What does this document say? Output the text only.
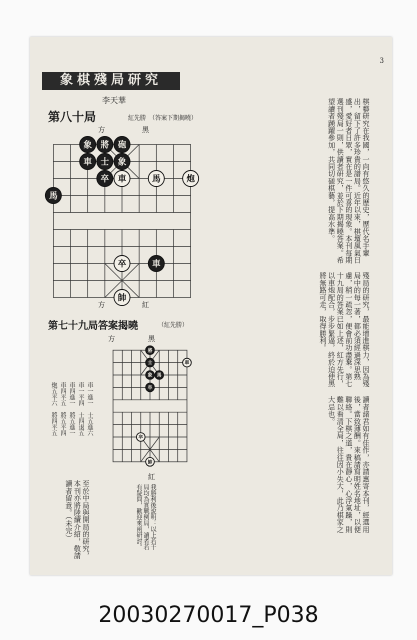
3
象棋殘局研究
李天華
第八十局	紅先勝　（答案下期揭曉）
方	黑
將 砲
象
士 象
車
車	馬	炮
卒
馬
卒	車
帥
方	紅
第七十九局答案揭曉	（紅先勝）
方	黑
將
士	車
象 馬
卒
卒
帥
紅
車一進一　士五進六
車一平四　士四退五
車四進一　將五進一
車四平五　將五平四
炮五平六　將四平五
我勝利後說明：以上若干局均為實戰例局，讀者若有疑問，歡迎來函研討。
棋藝研究在我國，一向有悠久的歷史，歷代名手輩出，留下了許多珍貴的譜局。近年以來，棋壇風氣日盛，愛好者日眾，實在是一件可喜的現象。本刊每期選刊殘局一則，供讀者研究，並於下期揭曉答案。希望讀者踴躍參加，共同切磋棋藝，提高水準。
殘局的研究，最能增進棋力，因為殘局中的每一著，都必須經過深思熟慮，稍一疏忽，便會前功盡棄。第七十九局的答案已如上述，紅方先行，以車炮配合，步步緊逼，終於迫使黑將無路可走，取得勝利。
讀者諸君如有佳作，亦請惠寄本刊，經選用後，當致薄酬。來稿請寫明姓名地址，以便聯絡。下棋之道，貴在靜心，心浮氣躁，則難以看清全局，往往因小失大，此乃棋家之大忌也。
至於中局與開局的研究，本刊亦將陸續介紹，敬請讀者留意。（未完）
20030270017_P038
